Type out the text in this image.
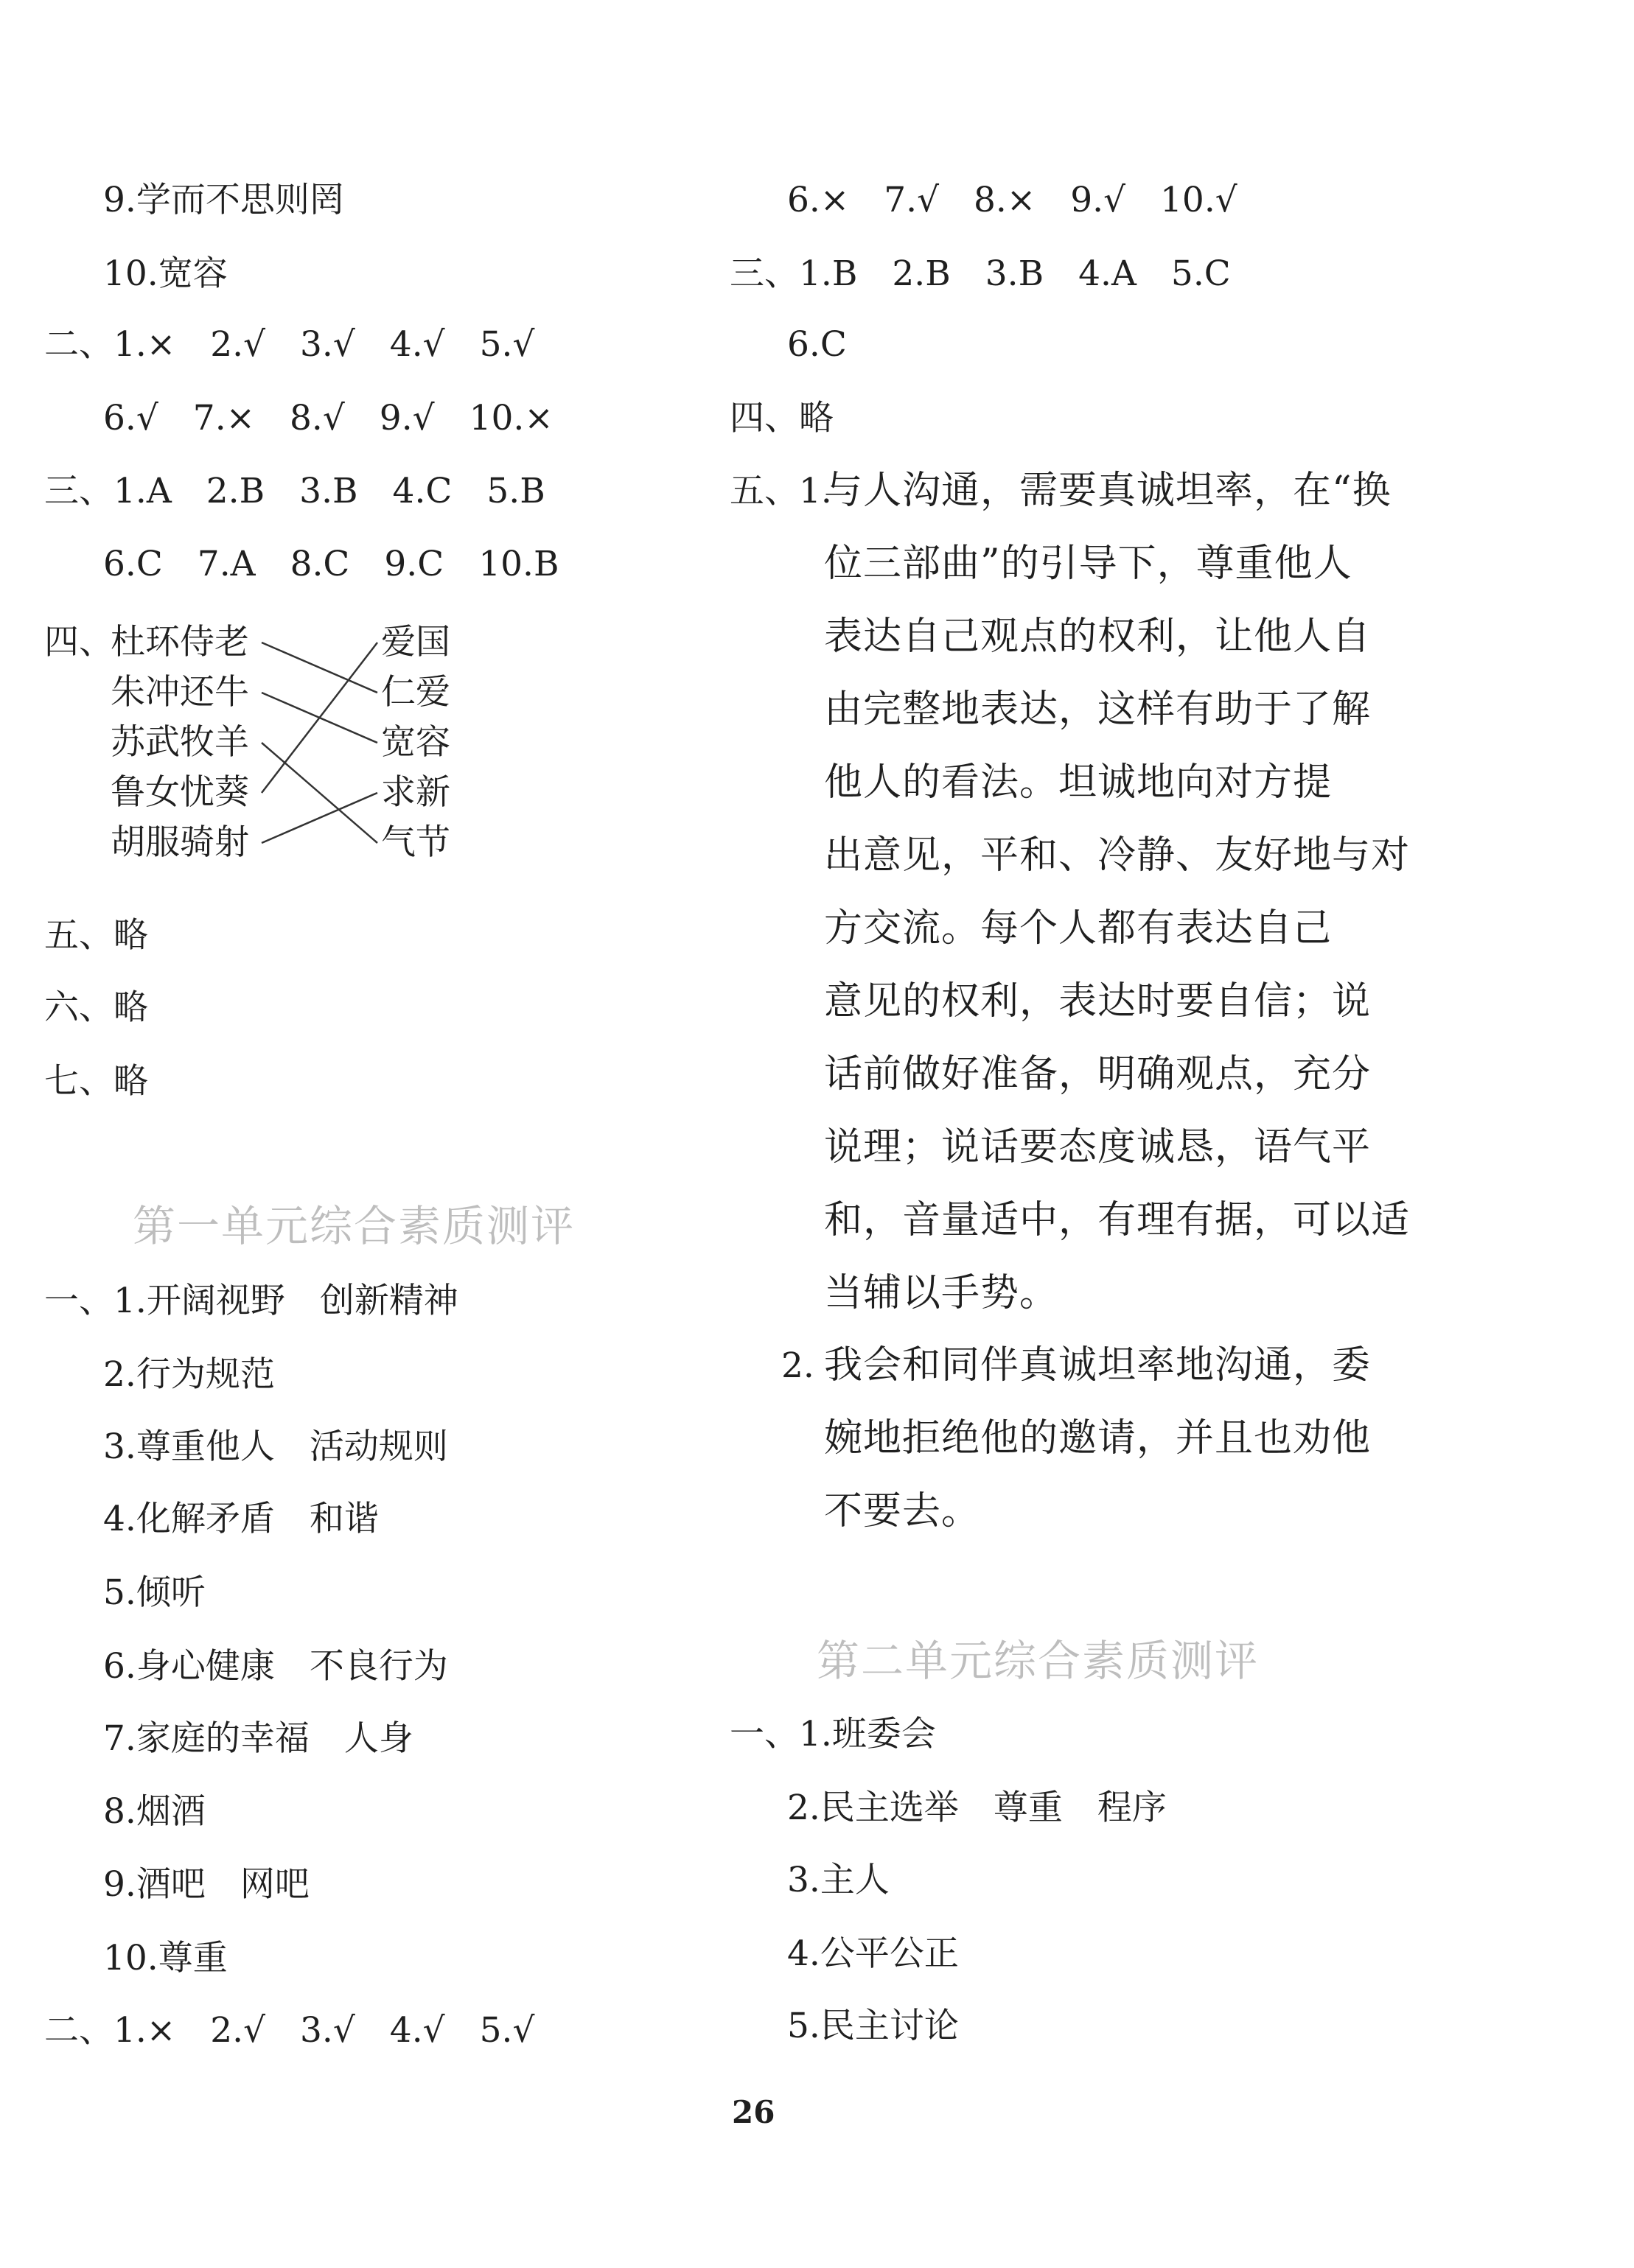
9.学而不思则罔
10.宽容
二、1.×　2.√　3.√　4.√　5.√
6.√　7.×　8.√　9.√　10.×
三、1.A　2.B　3.B　4.C　5.B
6.C　7.A　8.C　9.C　10.B
四、
杜环侍老
朱冲还牛
苏武牧羊
鲁女忧葵
胡服骑射
爱国
仁爱
宽容
求新
气节
五、略
六、略
七、略
第一单元综合素质测评
一、1.开阔视野　创新精神
2.行为规范
3.尊重他人　活动规则
4.化解矛盾　和谐
5.倾听
6.身心健康　不良行为
7.家庭的幸福　人身
8.烟酒
9.酒吧　网吧
10.尊重
二、1.×　2.√　3.√　4.√　5.√
6.×　7.√　8.×　9.√　10.√
三、1.B　2.B　3.B　4.A　5.C
6.C
四、略
五、1.
与人沟通，需要真诚坦率，在“换
位三部曲”的引导下，尊重他人
表达自己观点的权利，让他人自
由完整地表达，这样有助于了解
他人的看法。坦诚地向对方提
出意见，平和、冷静、友好地与对
方交流。每个人都有表达自己
意见的权利，表达时要自信；说
话前做好准备，明确观点，充分
说理；说话要态度诚恳，语气平
和，音量适中，有理有据，可以适
当辅以手势。
2. 我会和同伴真诚坦率地沟通，委
婉地拒绝他的邀请，并且也劝他
不要去。
第二单元综合素质测评
一、1.班委会
2.民主选举　尊重　程序
3.主人
4.公平公正
5.民主讨论
26
